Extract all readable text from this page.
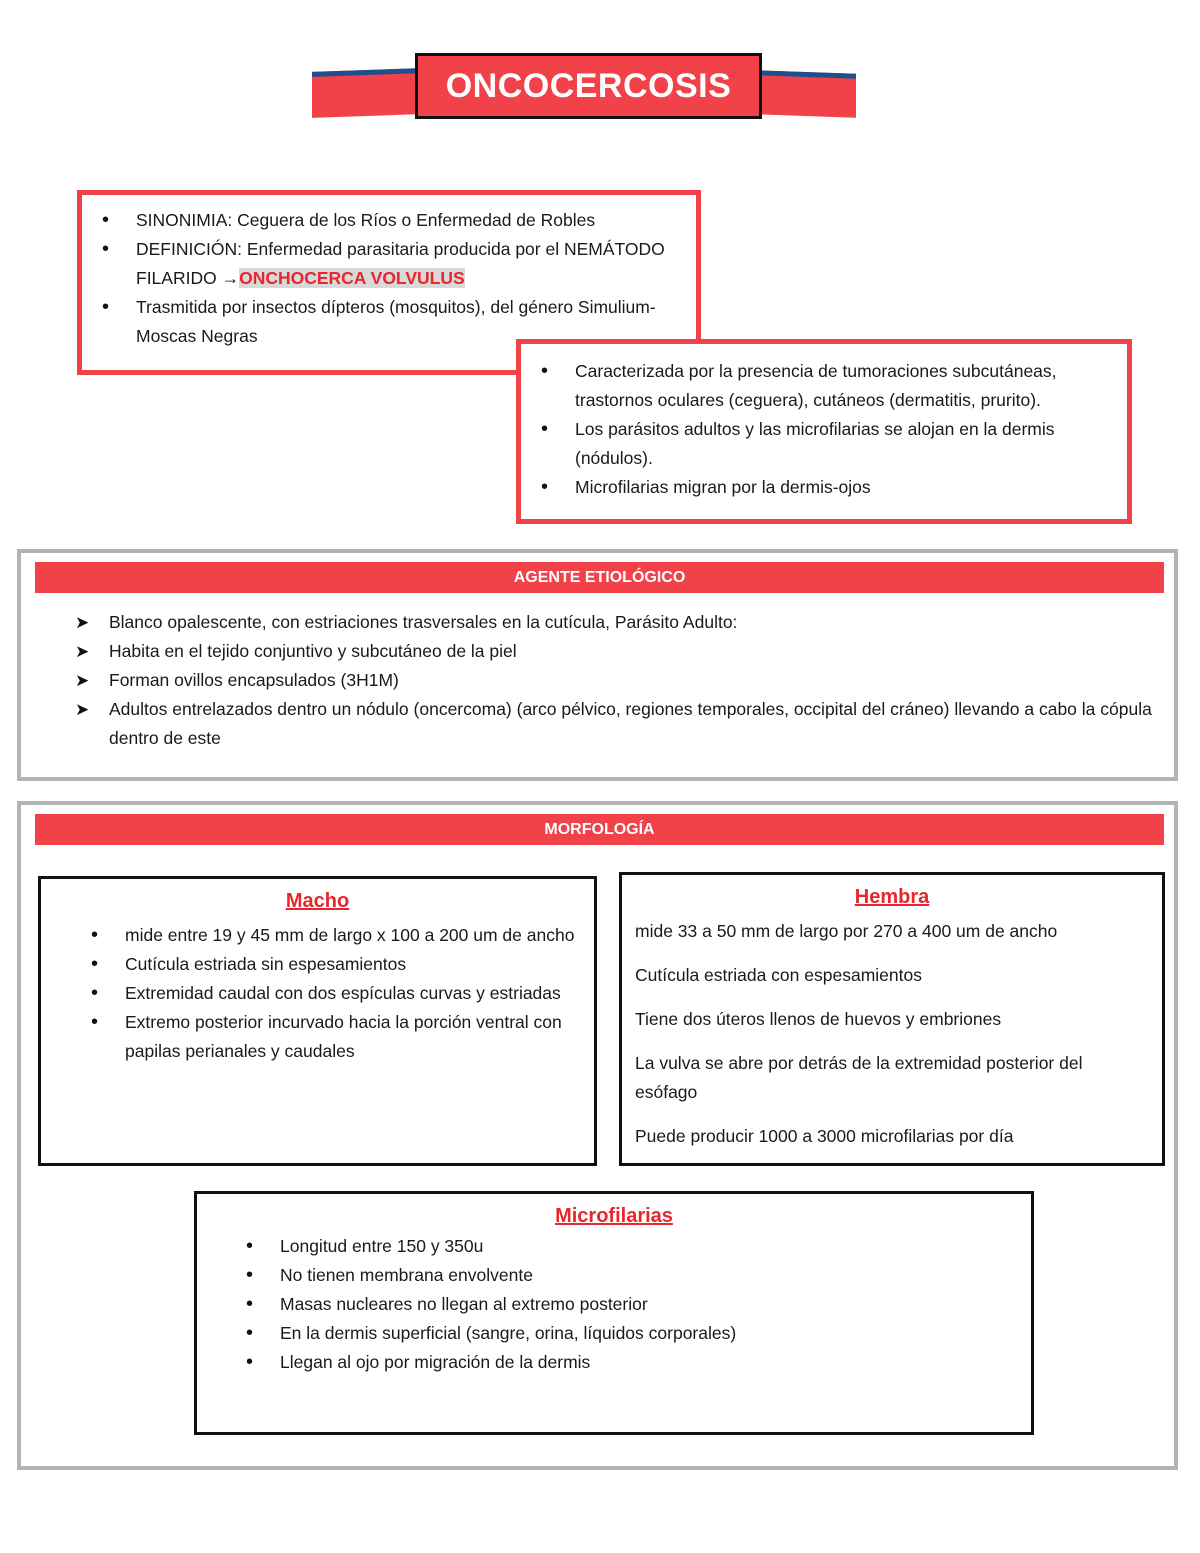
ONCOCERCOSIS
• SINONIMIA: Ceguera de los Ríos o Enfermedad de Robles
• DEFINICIÓN: Enfermedad parasitaria producida por el NEMÁTODO FILARIDO →ONCHOCERCA VOLVULUS
• Trasmitida por insectos dípteros (mosquitos), del género Simulium-Moscas Negras
• Caracterizada por la presencia de tumoraciones subcutáneas, trastornos oculares (ceguera), cutáneos (dermatitis, prurito).
• Los parásitos adultos y las microfilarias se alojan en la dermis (nódulos).
• Microfilarias migran por la dermis-ojos
AGENTE ETIOLÓGICO
➤ Blanco opalescente, con estriaciones trasversales en la cutícula, Parásito Adulto:
➤ Habita en el tejido conjuntivo y subcutáneo de la piel
➤ Forman ovillos encapsulados (3H1M)
➤ Adultos entrelazados dentro un nódulo (oncercoma) (arco pélvico, regiones temporales, occipital del cráneo) llevando a cabo la cópula dentro de este
MORFOLOGÍA
Macho
• mide entre 19 y 45 mm de largo x 100 a 200 um de ancho
• Cutícula estriada sin espesamientos
• Extremidad caudal con dos espículas curvas y estriadas
• Extremo posterior incurvado hacia la porción ventral con papilas perianales y caudales
Hembra

mide 33 a 50 mm de largo por 270 a 400 um de ancho

Cutícula estriada con espesamientos

Tiene dos úteros llenos de huevos y embriones

La vulva se abre por detrás de la extremidad posterior del esófago

Puede producir 1000 a 3000 microfilarias por día

Microfilarias
• Longitud entre 150 y 350u
• No tienen membrana envolvente
• Masas nucleares no llegan al extremo posterior
• En la dermis superficial (sangre, orina, líquidos corporales)
• Llegan al ojo por migración de la dermis
